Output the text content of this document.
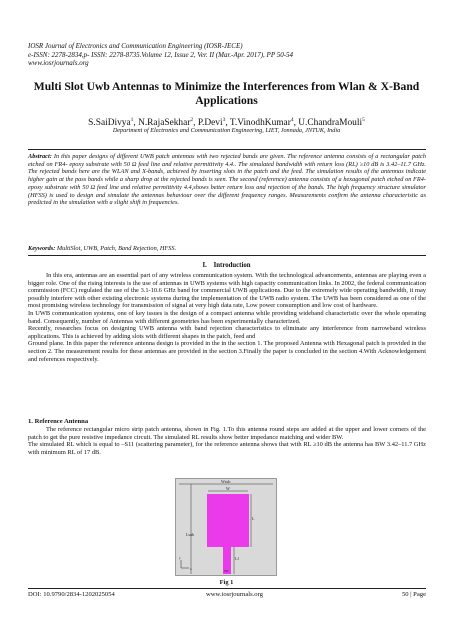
IOSR Journal of Electronics and Communication Engineering (IOSR-JECE)
e-ISSN: 2278-2834,p- ISSN: 2278-8735.Volume 12, Issue 2, Ver. II (Mar.-Apr. 2017), PP 50-54
www.iosrjournals.org
Multi Slot Uwb Antennas to Minimize the Interferences from Wlan & X-Band Applications
S.SaiDivya$^1$, N.RajaSekhar$^2$, P.Devi$^3$, T.VinodhKumar$^4$, U.ChandraMouli$^5$
Department of Electronics and Communication Engineering, LIET, Jonnada, JNTUK, India
Abstract: In this paper designs of different UWB patch antennas with two rejected bands are given. The reference antenna consists of a rectangular patch etched on FR4- epoxy substrate with 50 Ω feed line and relative permittivity 4.4.. The simulated bandwidth with return loss (RL) ≥10 dB is 3.42–11.7 GHz. The rejected bands here are the WLAN and X-bands, achieved by inserting slots in the patch and the feed. The simulation results of the antennas indicate higher gain at the pass bands while a sharp drop at the rejected bands is seen. The second (reference) antenna consists of a hexagonal patch etched on FR4- epoxy substrate with 50 Ω feed line and relative permittivity 4.4,shows better return loss and rejection of the bands. The high frequency structure simulator (HFSS) is used to design and simulate the antennas behaviour over the different frequency ranges. Measurements confirm the antenna characteristic as predicted in the simulation with a slight shift in frequencies.
Keywords: MultiSlot, UWB, Patch, Band Rejection, HFSS.
I. Introduction

In this era, antennas are an essential part of any wireless communication system. With the technological advancements, antennas are playing even a bigger role. One of the rising interests is the use of antennas in UWB systems with high capacity communication links. In 2002, the federal communication commission (FCC) regulated the use of the 3.1-10.6 GHz band for commercial UWB applications. Due to the extremely wide operating bandwidth, it may possibly interfere with other existing electronic systems during the implementation of the UWB radio system. The UWB has been considered as one of the most promising wireless technology for transmission of signal at very high data rate, Low power consumption and low cost of hardware.

In UWB communication systems, one of key issues is the design of a compact antenna while providing wideband characteristic over the whole operating band. Consequently, number of Antennas with different geometries has been experimentally characterized.

Recently, researches focus on designing UWB antenna with band rejection characteristics to eliminate any interference from narrowband wireless applications. This is achieved by adding slots with different shapes in the patch, feed and

Ground plane. In this paper the reference antenna design is provided in the in the section 1. The proposed Antenna with Hexagonal patch is provided in the section 2. The measurement results for these antennas are provided in the section 3.Finally the paper is concluded in the section 4.With Acknowledgement and references respectively.

1. Reference Antenna

The reference rectangular micro strip patch antenna, shown in Fig. 1.To this antenna round steps are added at the upper and lower corners of the patch to get the pure resistive impedance circuit. The simulated RL results show better impedance matching and wider BW.

The simulated RL which is equal to –S11 (scattering parameter), for the reference antenna shows that with RL ≥10 dB the antenna has BW 3.42–11.7 GHz with minimum RL of 17 dB.

Wsub
W
L
Lf
Lsub
Wf
y
x
Fig 1
DOI: 10.9790/2834-1202025054	www.iosrjournals.org	50 | Page
